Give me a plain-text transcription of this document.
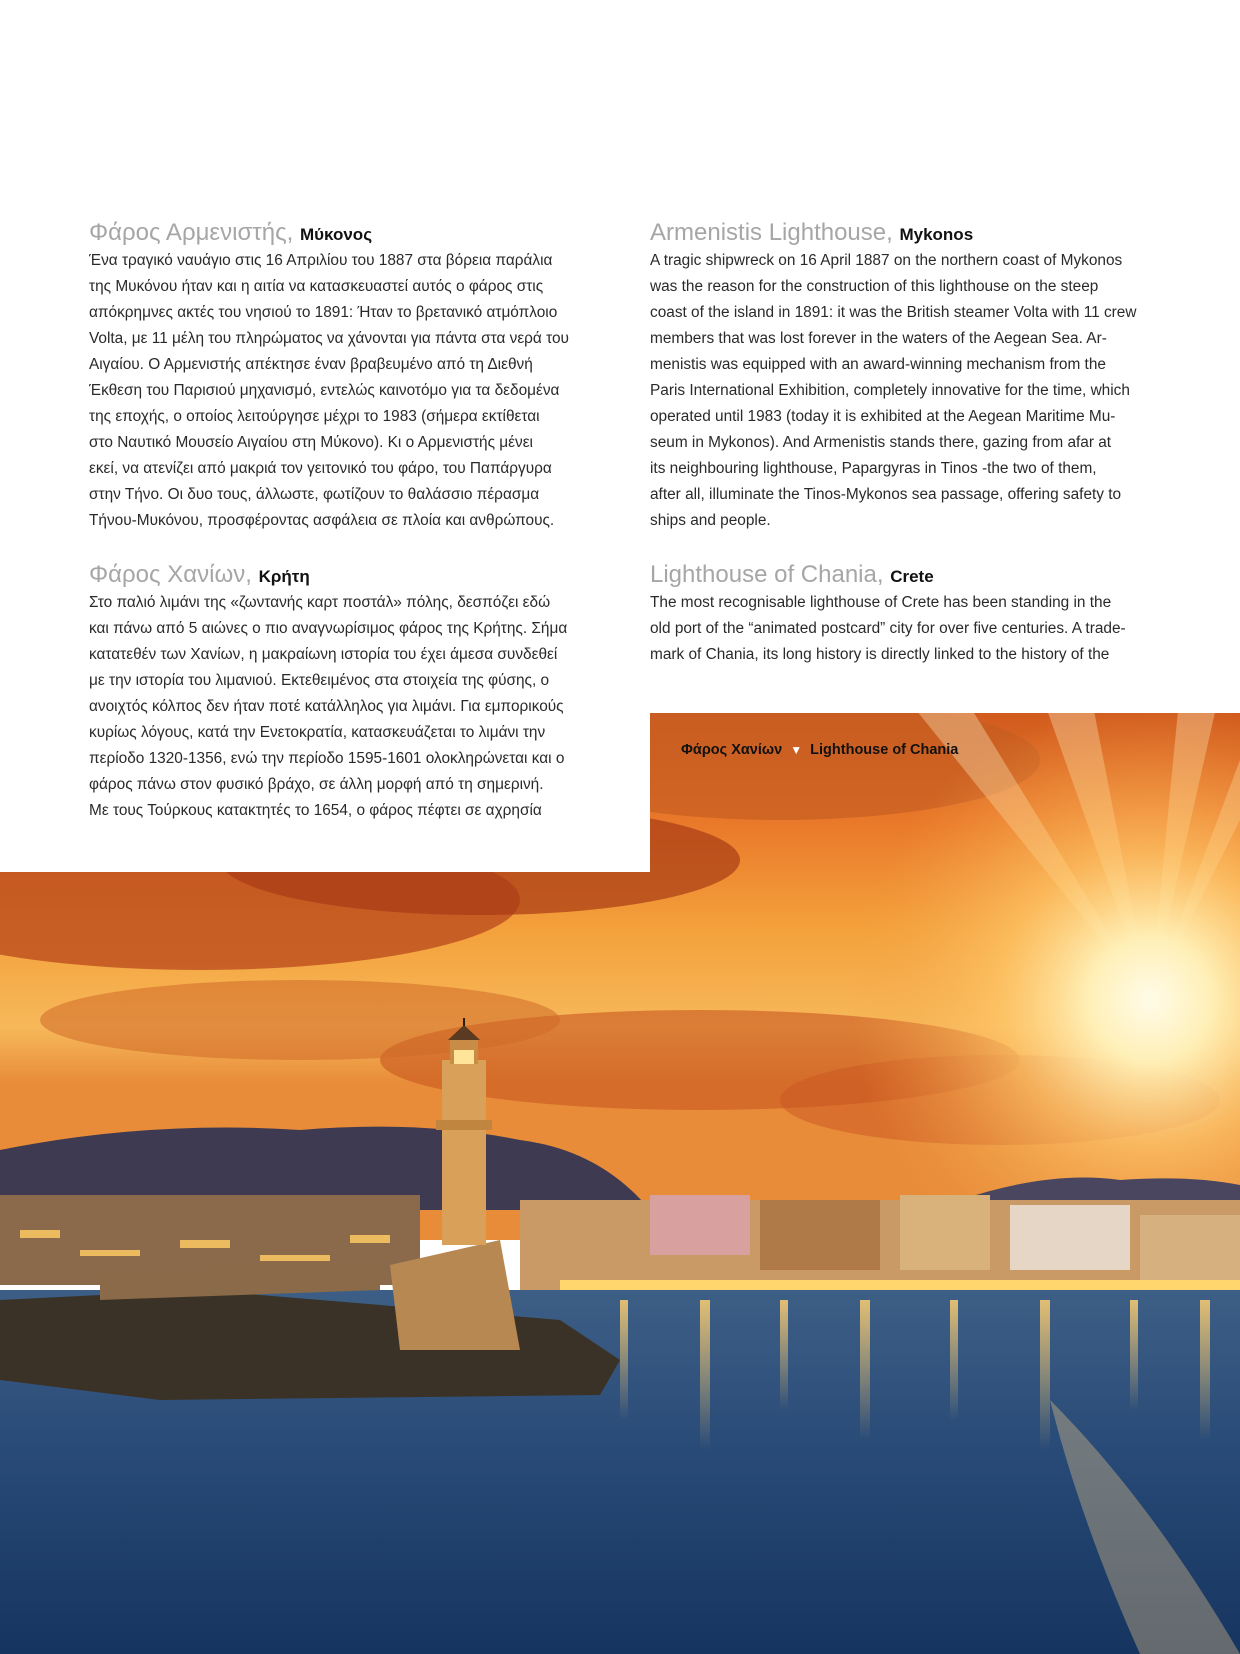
Φάρος Αρμενιστής, Μύκονος

Ένα τραγικό ναυάγιο στις 16 Απριλίου του 1887 στα βόρεια παράλια
της Μυκόνου ήταν και η αιτία να κατασκευαστεί αυτός ο φάρος στις
απόκρημνες ακτές του νησιού το 1891: Ήταν το βρετανικό ατμόπλοιο
Volta, με 11 μέλη του πληρώματος να χάνονται για πάντα στα νερά του
Αιγαίου. Ο Αρμενιστής απέκτησε έναν βραβευμένο από τη Διεθνή
Έκθεση του Παρισιού μηχανισμό, εντελώς καινοτόμο για τα δεδομένα
της εποχής, ο οποίος λειτούργησε μέχρι το 1983 (σήμερα εκτίθεται
στο Ναυτικό Μουσείο Αιγαίου στη Μύκονο). Κι ο Αρμενιστής μένει
εκεί, να ατενίζει από μακριά τον γειτονικό του φάρο, του Παπάργυρα
στην Τήνο. Οι δυο τους, άλλωστε, φωτίζουν το θαλάσσιο πέρασμα
Τήνου-Μυκόνου, προσφέροντας ασφάλεια σε πλοία και ανθρώπους.

Φάρος Χανίων, Κρήτη

Στο παλιό λιμάνι της «ζωντανής καρτ ποστάλ» πόλης, δεσπόζει εδώ
και πάνω από 5 αιώνες ο πιο αναγνωρίσιμος φάρος της Κρήτης. Σήμα
κατατεθέν των Χανίων, η μακραίωνη ιστορία του έχει άμεσα συνδεθεί
με την ιστορία του λιμανιού. Εκτεθειμένος στα στοιχεία της φύσης, ο
ανοιχτός κόλπος δεν ήταν ποτέ κατάλληλος για λιμάνι. Για εμπορικούς
κυρίως λόγους, κατά την Ενετοκρατία, κατασκευάζεται το λιμάνι την
περίοδο 1320-1356, ενώ την περίοδο 1595-1601 ολοκληρώνεται και ο
φάρος πάνω στον φυσικό βράχο, σε άλλη μορφή από τη σημερινή.
Με τους Τούρκους κατακτητές το 1654, ο φάρος πέφτει σε αχρησία

Armenistis Lighthouse, Mykonos

A tragic shipwreck on 16 April 1887 on the northern coast of Mykonos
was the reason for the construction of this lighthouse on the steep
coast of the island in 1891: it was the British steamer Volta with 11 crew
members that was lost forever in the waters of the Aegean Sea. Ar-
menistis was equipped with an award-winning mechanism from the
Paris International Exhibition, completely innovative for the time, which
operated until 1983 (today it is exhibited at the Aegean Maritime Mu-
seum in Mykonos). And Armenistis stands there, gazing from afar at
its neighbouring lighthouse, Papargyras in Tinos -the two of them,
after all, illuminate the Tinos-Mykonos sea passage, offering safety to
ships and people.

Lighthouse of Chania, Crete

The most recognisable lighthouse of Crete has been standing in the
old port of the “animated postcard” city for over five centuries. A trade-
mark of Chania, its long history is directly linked to the history of the

Φάρος Χανίων ▼ Lighthouse of Chania
